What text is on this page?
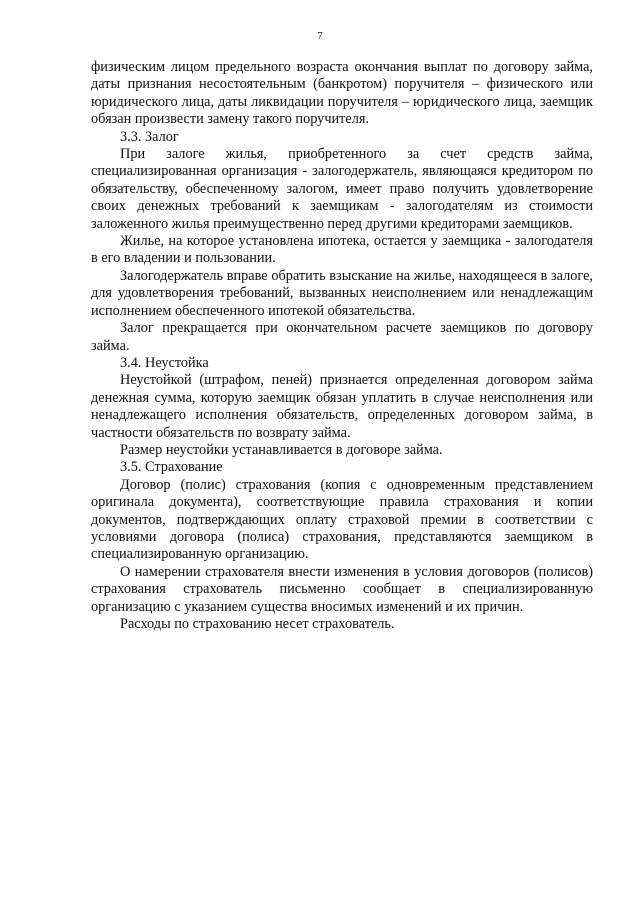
7

физическим лицом предельного возраста окончания выплат по договору займа, даты признания несостоятельным (банкротом) поручителя – физического или юридического лица, даты ликвидации поручителя – юридического лица, заемщик обязан произвести замену такого поручителя.

3.3. Залог

При залоге жилья, приобретенного за счет средств займа, специализированная организация - залогодержатель, являющаяся кредитором по обязательству, обеспеченному залогом, имеет право получить удовлетворение своих денежных требований к заемщикам - залогодателям из стоимости заложенного жилья преимущественно перед другими кредиторами заемщиков.

Жилье, на которое установлена ипотека, остается у заемщика - залогодателя в его владении и пользовании.

Залогодержатель вправе обратить взыскание на жилье, находящееся в залоге, для удовлетворения требований, вызванных неисполнением или ненадлежащим исполнением обеспеченного ипотекой обязательства.

Залог прекращается при окончательном расчете заемщиков по договору займа.

3.4. Неустойка

Неустойкой (штрафом, пеней) признается определенная договором займа денежная сумма, которую заемщик обязан уплатить в случае неисполнения или ненадлежащего исполнения обязательств, определенных договором займа, в частности обязательств по возврату займа.

Размер неустойки устанавливается в договоре займа.

3.5. Страхование

Договор (полис) страхования (копия с одновременным представлением оригинала документа), соответствующие правила страхования и копии документов, подтверждающих оплату страховой премии в соответствии с условиями договора (полиса) страхования, представляются заемщиком в специализированную организацию.

О намерении страхователя внести изменения в условия договоров (полисов) страхования страхователь письменно сообщает в специализированную организацию с указанием существа вносимых изменений и их причин.

Расходы по страхованию несет страхователь.
